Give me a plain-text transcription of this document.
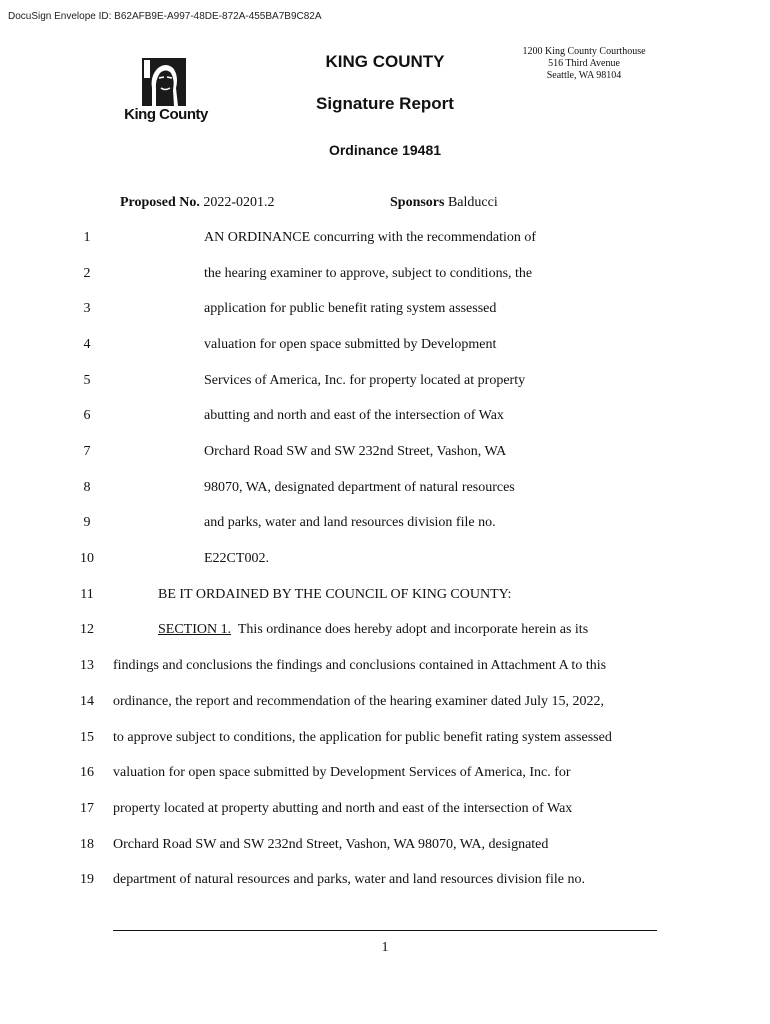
DocuSign Envelope ID: B62AFB9E-A997-48DE-872A-455BA7B9C82A
King County
KING COUNTY
Signature Report
Ordinance 19481
1200 King County Courthouse
516 Third Avenue
Seattle, WA 98104
Proposed No. 2022-0201.2	Sponsors Balducci
1	AN ORDINANCE concurring with the recommendation of
2	the hearing examiner to approve, subject to conditions, the
3	application for public benefit rating system assessed
4	valuation for open space submitted by Development
5	Services of America, Inc. for property located at property
6	abutting and north and east of the intersection of Wax
7	Orchard Road SW and SW 232nd Street, Vashon, WA
8	98070, WA, designated department of natural resources
9	and parks, water and land resources division file no.
10	E22CT002.
11	BE IT ORDAINED BY THE COUNCIL OF KING COUNTY:
12	SECTION 1. This ordinance does hereby adopt and incorporate herein as its
13	findings and conclusions the findings and conclusions contained in Attachment A to this
14	ordinance, the report and recommendation of the hearing examiner dated July 15, 2022,
15	to approve subject to conditions, the application for public benefit rating system assessed
16	valuation for open space submitted by Development Services of America, Inc. for
17	property located at property abutting and north and east of the intersection of Wax
18	Orchard Road SW and SW 232nd Street, Vashon, WA 98070, WA, designated
19	department of natural resources and parks, water and land resources division file no.
1
